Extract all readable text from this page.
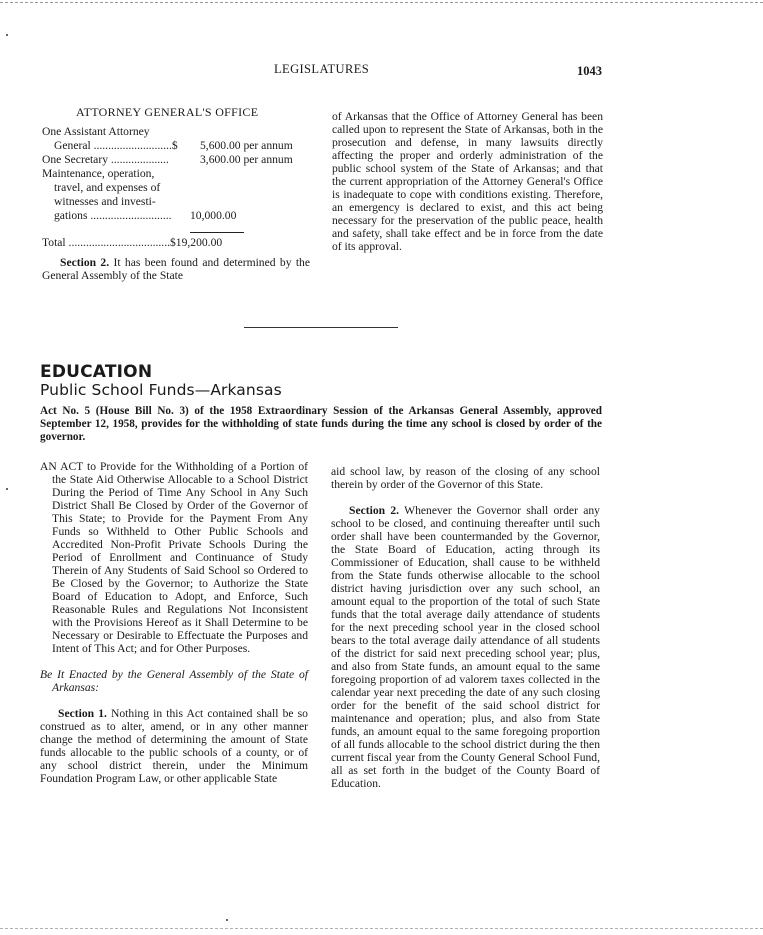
LEGISLATURES	1043
ATTORNEY GENERAL'S OFFICE
One Assistant Attorney
General ...........................$ 5,600.00 per annum
One Secretary ....................	3,600.00 per annum
Maintenance, operation,
travel, and expenses of
witnesses and investi-
gations ............................ 10,000.00
Total ...................................$19,200.00

Section 2. It has been found and determined by the General Assembly of the State

of Arkansas that the Office of Attorney General has been called upon to represent the State of Arkansas, both in the prosecution and defense, in many lawsuits directly affecting the proper and orderly administration of the public school system of the State of Arkansas; and that the current appropriation of the Attorney General's Office is inadequate to cope with conditions existing. Therefore, an emergency is declared to exist, and this act being necessary for the preservation of the public peace, health and safety, shall take effect and be in force from the date of its approval.

EDUCATION
Public School Funds—Arkansas
Act No. 5 (House Bill No. 3) of the 1958 Extraordinary Session of the Arkansas General Assembly, approved September 12, 1958, provides for the withholding of state funds during the time any school is closed by order of the governor.

AN ACT to Provide for the Withholding of a Portion of the State Aid Otherwise Allocable to a School District During the Period of Time Any School in Any Such District Shall Be Closed by Order of the Governor of This State; to Provide for the Payment From Any Funds so Withheld to Other Public Schools and Accredited Non-Profit Private Schools During the Period of Enrollment and Continuance of Study Therein of Any Students of Said School so Ordered to Be Closed by the Governor; to Authorize the State Board of Education to Adopt, and Enforce, Such Reasonable Rules and Regulations Not Inconsistent with the Provisions Hereof as it Shall Determine to be Necessary or Desirable to Effectuate the Purposes and Intent of This Act; and for Other Purposes.

Be It Enacted by the General Assembly of the State of Arkansas:

Section 1. Nothing in this Act contained shall be so construed as to alter, amend, or in any other manner change the method of determining the amount of State funds allocable to the public schools of a county, or of any school district therein, under the Minimum Foundation Program Law, or other applicable State

aid school law, by reason of the closing of any school therein by order of the Governor of this State.

Section 2. Whenever the Governor shall order any school to be closed, and continuing thereafter until such order shall have been countermanded by the Governor, the State Board of Education, acting through its Commissioner of Education, shall cause to be withheld from the State funds otherwise allocable to the school district having jurisdiction over any such school, an amount equal to the proportion of the total of such State funds that the total average daily attendance of students for the next preceding school year in the closed school bears to the total average daily attendance of all students of the district for said next preceding school year; plus, and also from State funds, an amount equal to the same foregoing proportion of ad valorem taxes collected in the calendar year next preceding the date of any such closing order for the benefit of the said school district for maintenance and operation; plus, and also from State funds, an amount equal to the same foregoing proportion of all funds allocable to the school district during the then current fiscal year from the County General School Fund, all as set forth in the budget of the County Board of Education.
